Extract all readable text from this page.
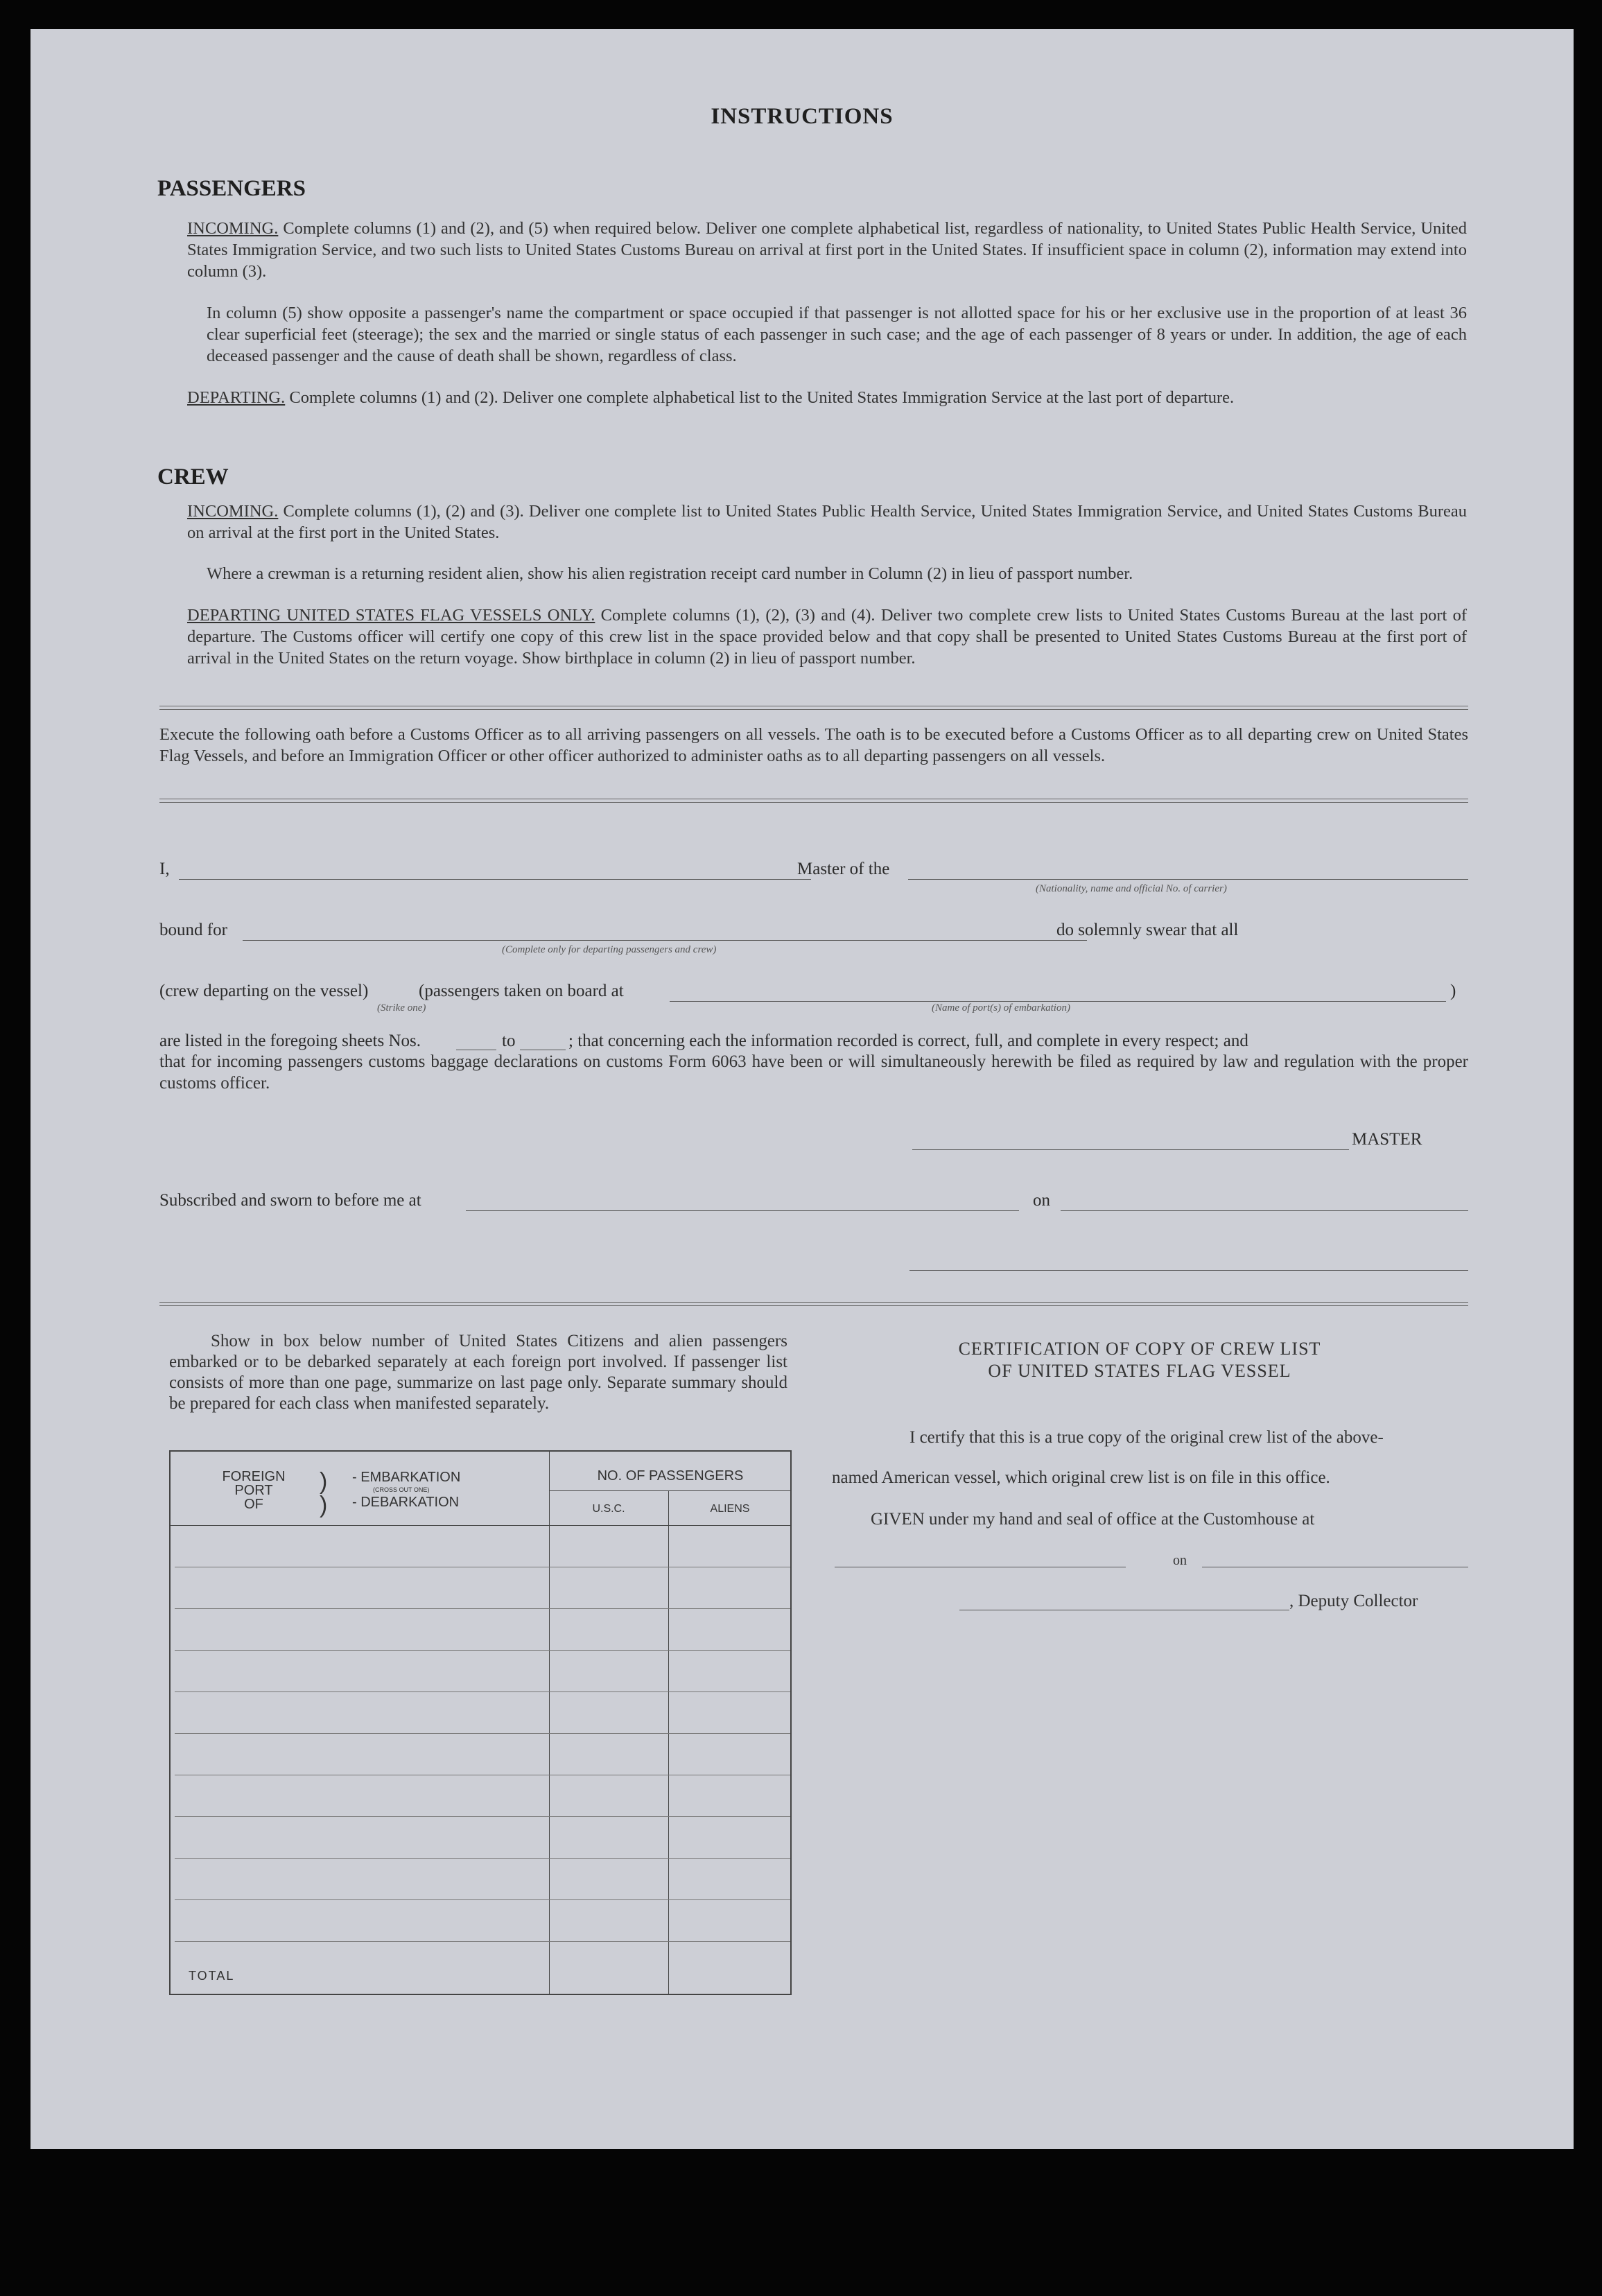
INSTRUCTIONS
PASSENGERS
INCOMING. Complete columns (1) and (2), and (5) when required below. Deliver one complete alphabetical list, regardless of nationality, to United States Public Health Service, United States Immigration Service, and two such lists to United States Customs Bureau on arrival at first port in the United States. If insufficient space in column (2), information may extend into column (3).
In column (5) show opposite a passenger's name the compartment or space occupied if that passenger is not allotted space for his or her exclusive use in the proportion of at least 36 clear superficial feet (steerage); the sex and the married or single status of each passenger in such case; and the age of each passenger of 8 years or under. In addition, the age of each deceased passenger and the cause of death shall be shown, regardless of class.
DEPARTING. Complete columns (1) and (2). Deliver one complete alphabetical list to the United States Immigration Service at the last port of departure.
CREW
INCOMING. Complete columns (1), (2) and (3). Deliver one complete list to United States Public Health Service, United States Immigration Service, and United States Customs Bureau on arrival at the first port in the United States.
Where a crewman is a returning resident alien, show his alien registration receipt card number in Column (2) in lieu of passport number.
DEPARTING UNITED STATES FLAG VESSELS ONLY. Complete columns (1), (2), (3) and (4). Deliver two complete crew lists to United States Customs Bureau at the last port of departure. The Customs officer will certify one copy of this crew list in the space provided below and that copy shall be presented to United States Customs Bureau at the first port of arrival in the United States on the return voyage. Show birthplace in column (2) in lieu of passport number.
Execute the following oath before a Customs Officer as to all arriving passengers on all vessels. The oath is to be executed before a Customs Officer as to all departing crew on United States Flag Vessels, and before an Immigration Officer or other officer authorized to administer oaths as to all departing passengers on all vessels.
I,	Master of the
(Nationality, name and official No. of carrier)
bound for
(Complete only for departing passengers and crew)
do solemnly swear that all
(crew departing on the vessel)
(Strike one)
(passengers taken on board at
(Name of port(s) of embarkation)
)
are listed in the foregoing sheets Nos.	to	; that concerning each the information recorded is correct, full, and complete in every respect; and
that for incoming passengers customs baggage declarations on customs Form 6063 have been or will simultaneously herewith be filed as required by law and regulation with the proper customs officer.
MASTER
Subscribed and sworn to before me at	on
Show in box below number of United States Citizens and alien passengers embarked or to be debarked separately at each foreign port involved. If passenger list consists of more than one page, summarize on last page only. Separate summary should be prepared for each class when manifested separately.
FOREIGN
PORT
OF
)
)
- EMBARKATION
(CROSS OUT ONE)
- DEBARKATION
NO. OF PASSENGERS
U.S.C.	ALIENS
TOTAL
CERTIFICATION OF COPY OF CREW LIST
OF UNITED STATES FLAG VESSEL
I certify that this is a true copy of the original crew list of the above-
named American vessel, which original crew list is on file in this office.
GIVEN under my hand and seal of office at the Customhouse at
on
, Deputy Collector
